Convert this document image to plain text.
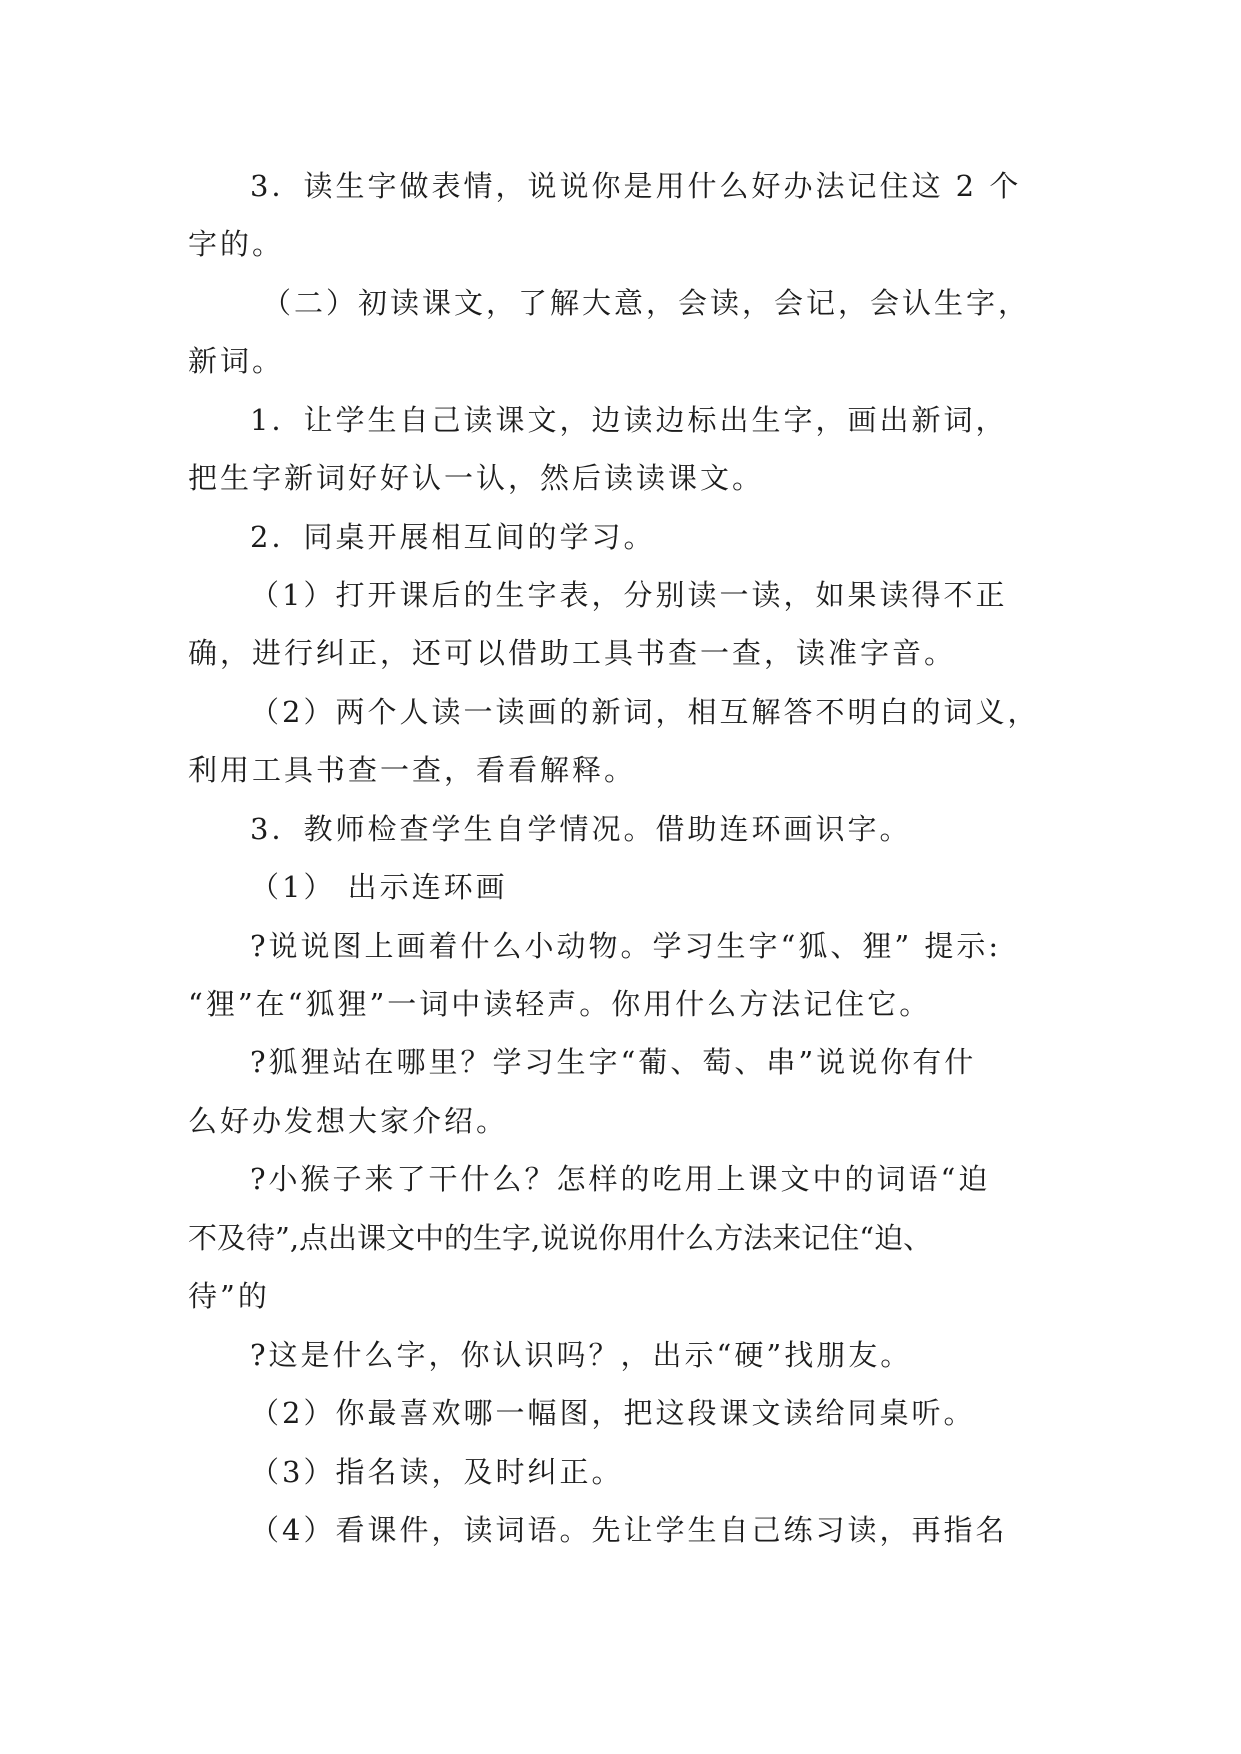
3．读生字做表情，说说你是用什么好办法记住这 2 个
字的。
（二）初读课文，了解大意，会读，会记，会认生字，
新词。
1．让学生自己读课文，边读边标出生字，画出新词，
把生字新词好好认一认，然后读读课文。
2．同桌开展相互间的学习。
（1）打开课后的生字表，分别读一读，如果读得不正
确，进行纠正，还可以借助工具书查一查，读准字音。
（2）两个人读一读画的新词，相互解答不明白的词义，
利用工具书查一查，看看解释。
3．教师检查学生自学情况。借助连环画识字。
（1） 出示连环画
?说说图上画着什么小动物。学习生字“狐、狸” 提示:
“狸”在“狐狸”一词中读轻声。你用什么方法记住它。
?狐狸站在哪里？学习生字“葡、萄、串”说说你有什
么好办发想大家介绍。
?小猴子来了干什么？怎样的吃用上课文中的词语“迫
不及待”,点出课文中的生字,说说你用什么方法来记住“迫、
待”的
?这是什么字，你认识吗？，出示“硬”找朋友。
（2）你最喜欢哪一幅图，把这段课文读给同桌听。
（3）指名读，及时纠正。
（4）看课件，读词语。先让学生自己练习读，再指名
